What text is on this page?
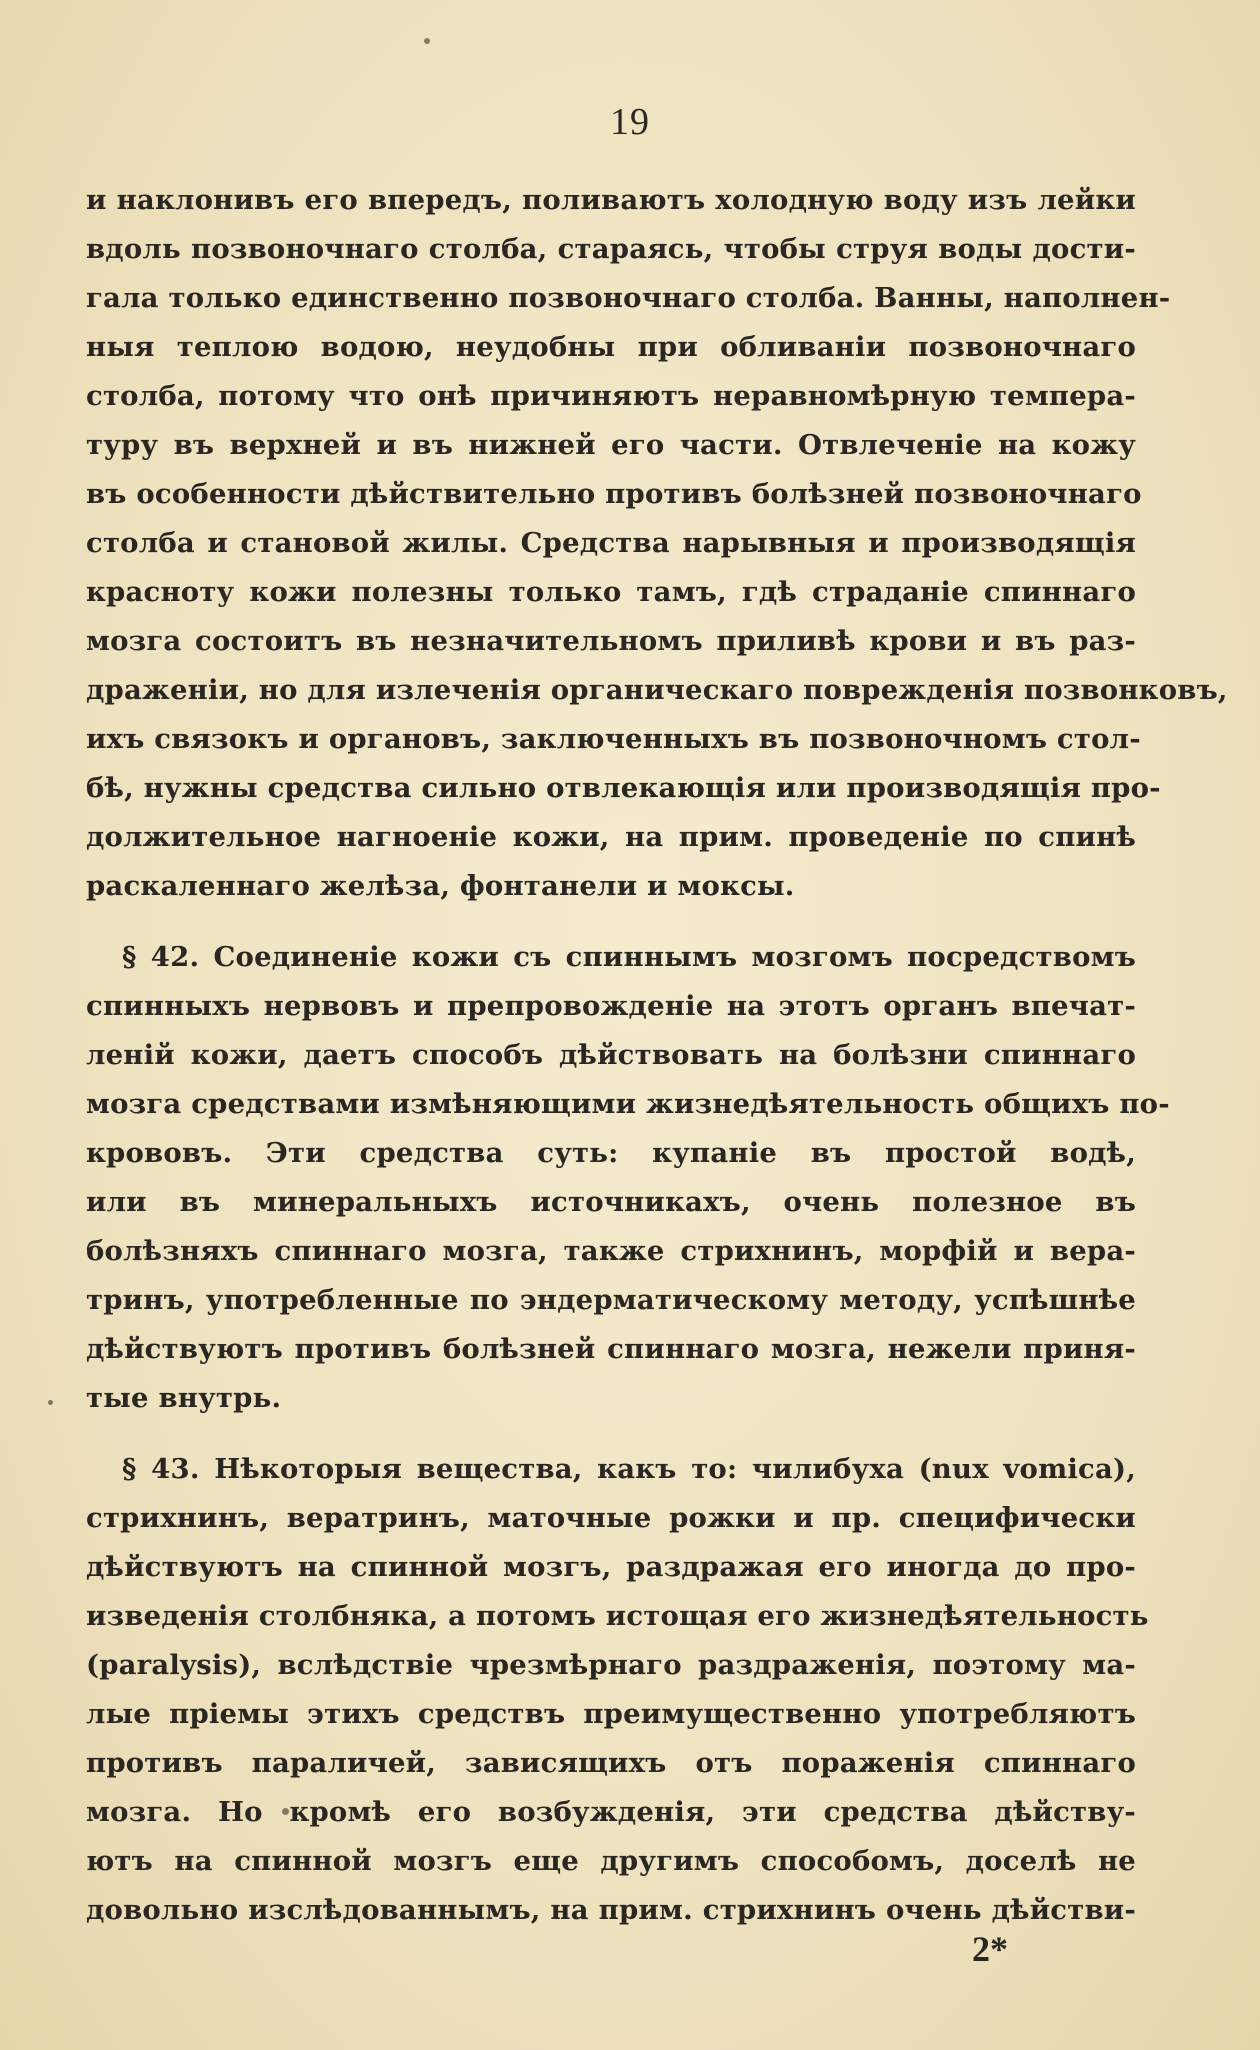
19
и наклонивъ его впередъ, поливаютъ холодную воду изъ лейки
вдоль позвоночнаго столба, стараясь, чтобы струя воды дости-
гала только единственно позвоночнаго столба. Ванны, наполнен-
ныя теплою водою, неудобны при обливаніи позвоночнаго
столба, потому что онѣ причиняютъ неравномѣрную темпера-
туру въ верхней и въ нижней его части. Отвлеченіе на кожу
въ особенности дѣйствительно противъ болѣзней позвоночнаго
столба и становой жилы. Средства нарывныя и производящія
красноту кожи полезны только тамъ, гдѣ страданіе спиннаго
мозга состоитъ въ незначительномъ приливѣ крови и въ раз-
драженіи, но для излеченія органическаго поврежденія позвонковъ,
ихъ связокъ и органовъ, заключенныхъ въ позвоночномъ стол-
бѣ, нужны средства сильно отвлекающія или производящія про-
должительное нагноеніе кожи, на прим. проведеніе по спинѣ
раскаленнаго желѣза, фонтанели и моксы.
§ 42. Соединеніе кожи съ спиннымъ мозгомъ посредствомъ
спинныхъ нервовъ и препровожденіе на этотъ органъ впечат-
леній кожи, даетъ способъ дѣйствовать на болѣзни спиннаго
мозга средствами измѣняющими жизнедѣятельность общихъ по-
крововъ. Эти средства суть: купаніе въ простой водѣ,
или въ минеральныхъ источникахъ, очень полезное въ
болѣзняхъ спиннаго мозга, также стрихнинъ, морфій и вера-
тринъ, употребленные по эндерматическому методу, успѣшнѣе
дѣйствуютъ противъ болѣзней спиннаго мозга, нежели приня-
тые внутрь.
§ 43. Нѣкоторыя вещества, какъ то: чилибуха (nux vomica),
стрихнинъ, вератринъ, маточные рожки и пр. специфически
дѣйствуютъ на спинной мозгъ, раздражая его иногда до про-
изведенія столбняка, а потомъ истощая его жизнедѣятельность
(paralysis), вслѣдствіе чрезмѣрнаго раздраженія, поэтому ма-
лые пріемы этихъ средствъ преимущественно употребляютъ
противъ параличей, зависящихъ отъ пораженія спиннаго
мозга. Но кромѣ его возбужденія, эти средства дѣйству-
ютъ на спинной мозгъ еще другимъ способомъ, доселѣ не
довольно изслѣдованнымъ, на прим. стрихнинъ очень дѣйстви-
2*
